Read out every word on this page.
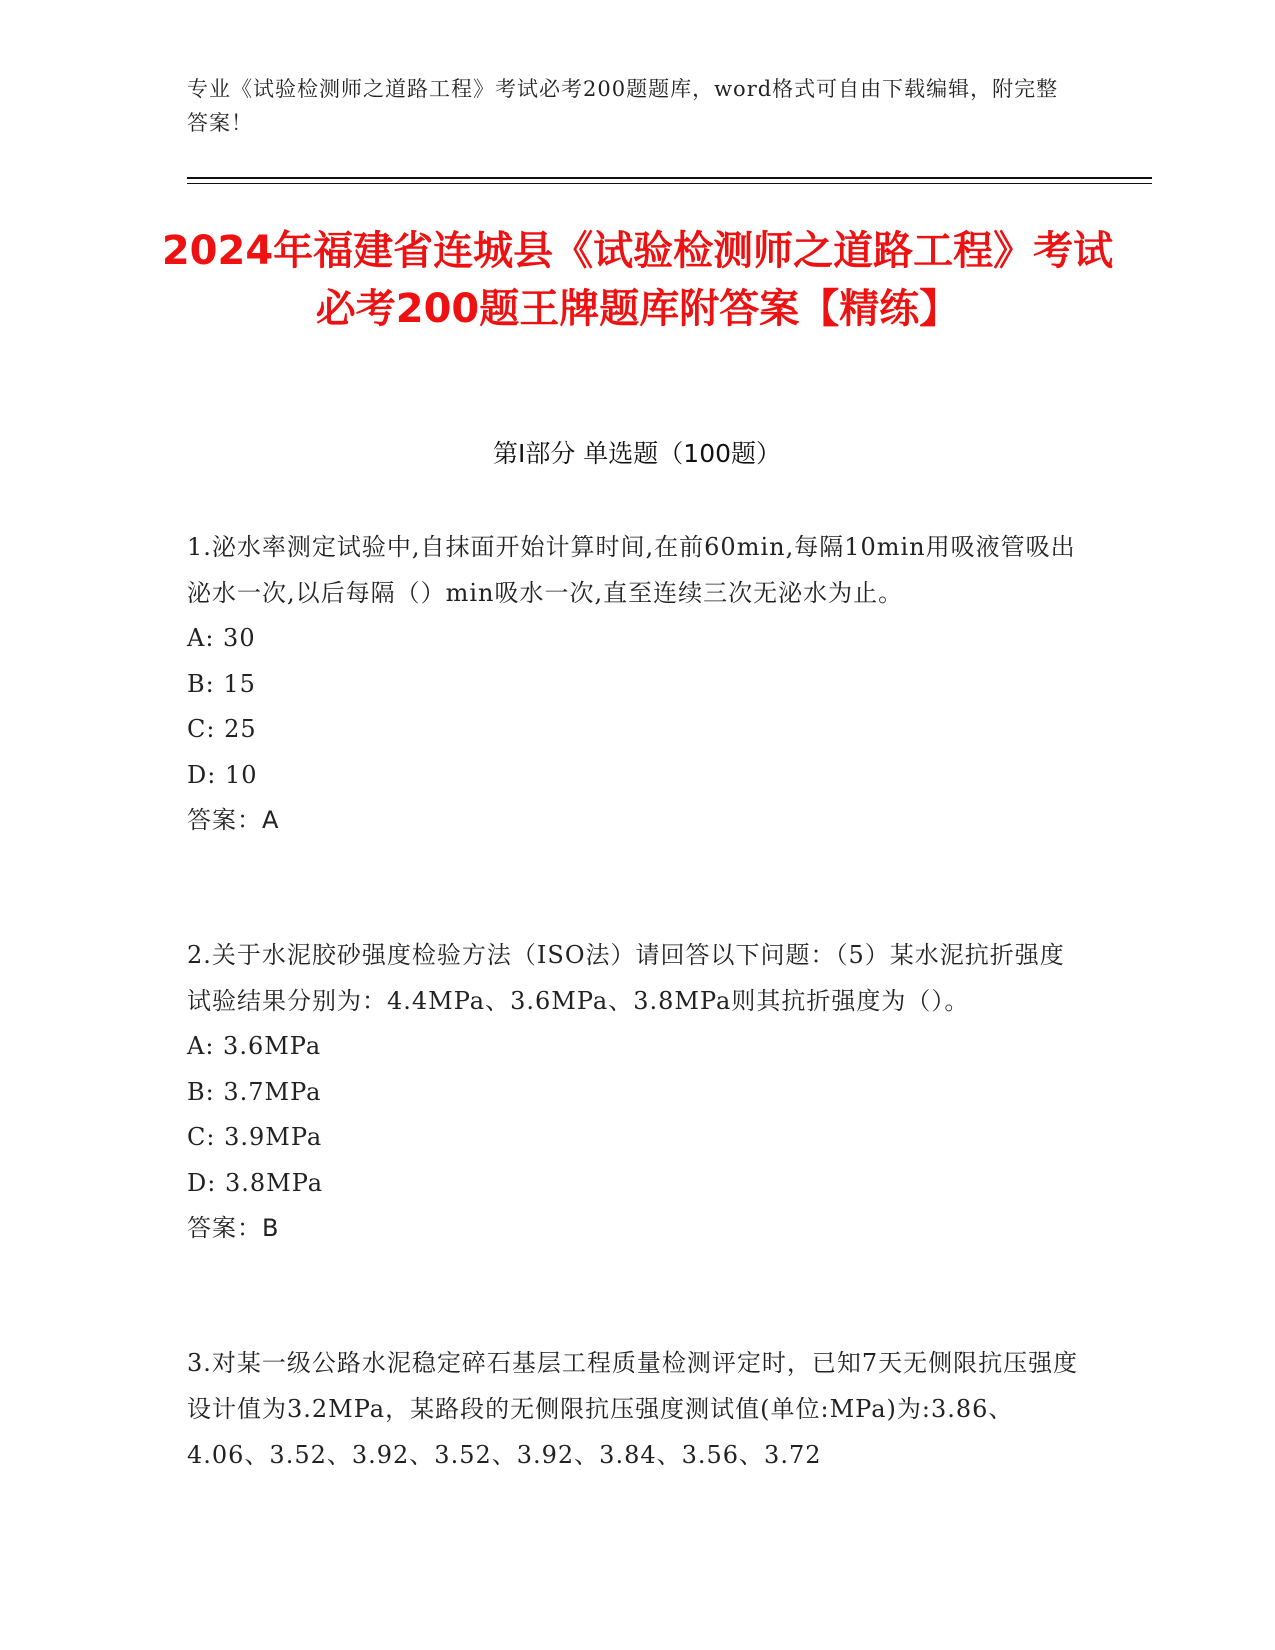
专业《试验检测师之道路工程》考试必考200题题库，word格式可自由下载编辑，附完整答案！
2024年福建省连城县《试验检测师之道路工程》考试必考200题王牌题库附答案【精练】
第I部分 单选题（100题）
1.泌水率测定试验中,自抹面开始计算时间,在前60min,每隔10min用吸液管吸出泌水一次,以后每隔（）min吸水一次,直至连续三次无泌水为止。
A: 30
B: 15
C: 25
D: 10
答案：A
2.关于水泥胶砂强度检验方法（ISO法）请回答以下问题：（5）某水泥抗折强度试验结果分别为：4.4MPa、3.6MPa、3.8MPa则其抗折强度为（）。
A: 3.6MPa
B: 3.7MPa
C: 3.9MPa
D: 3.8MPa
答案：B
3.对某一级公路水泥稳定碎石基层工程质量检测评定时，已知7天无侧限抗压强度设计值为3.2MPa，某路段的无侧限抗压强度测试值(单位:MPa)为:3.86、4.06、3.52、3.92、3.52、3.92、3.84、3.56、3.72
